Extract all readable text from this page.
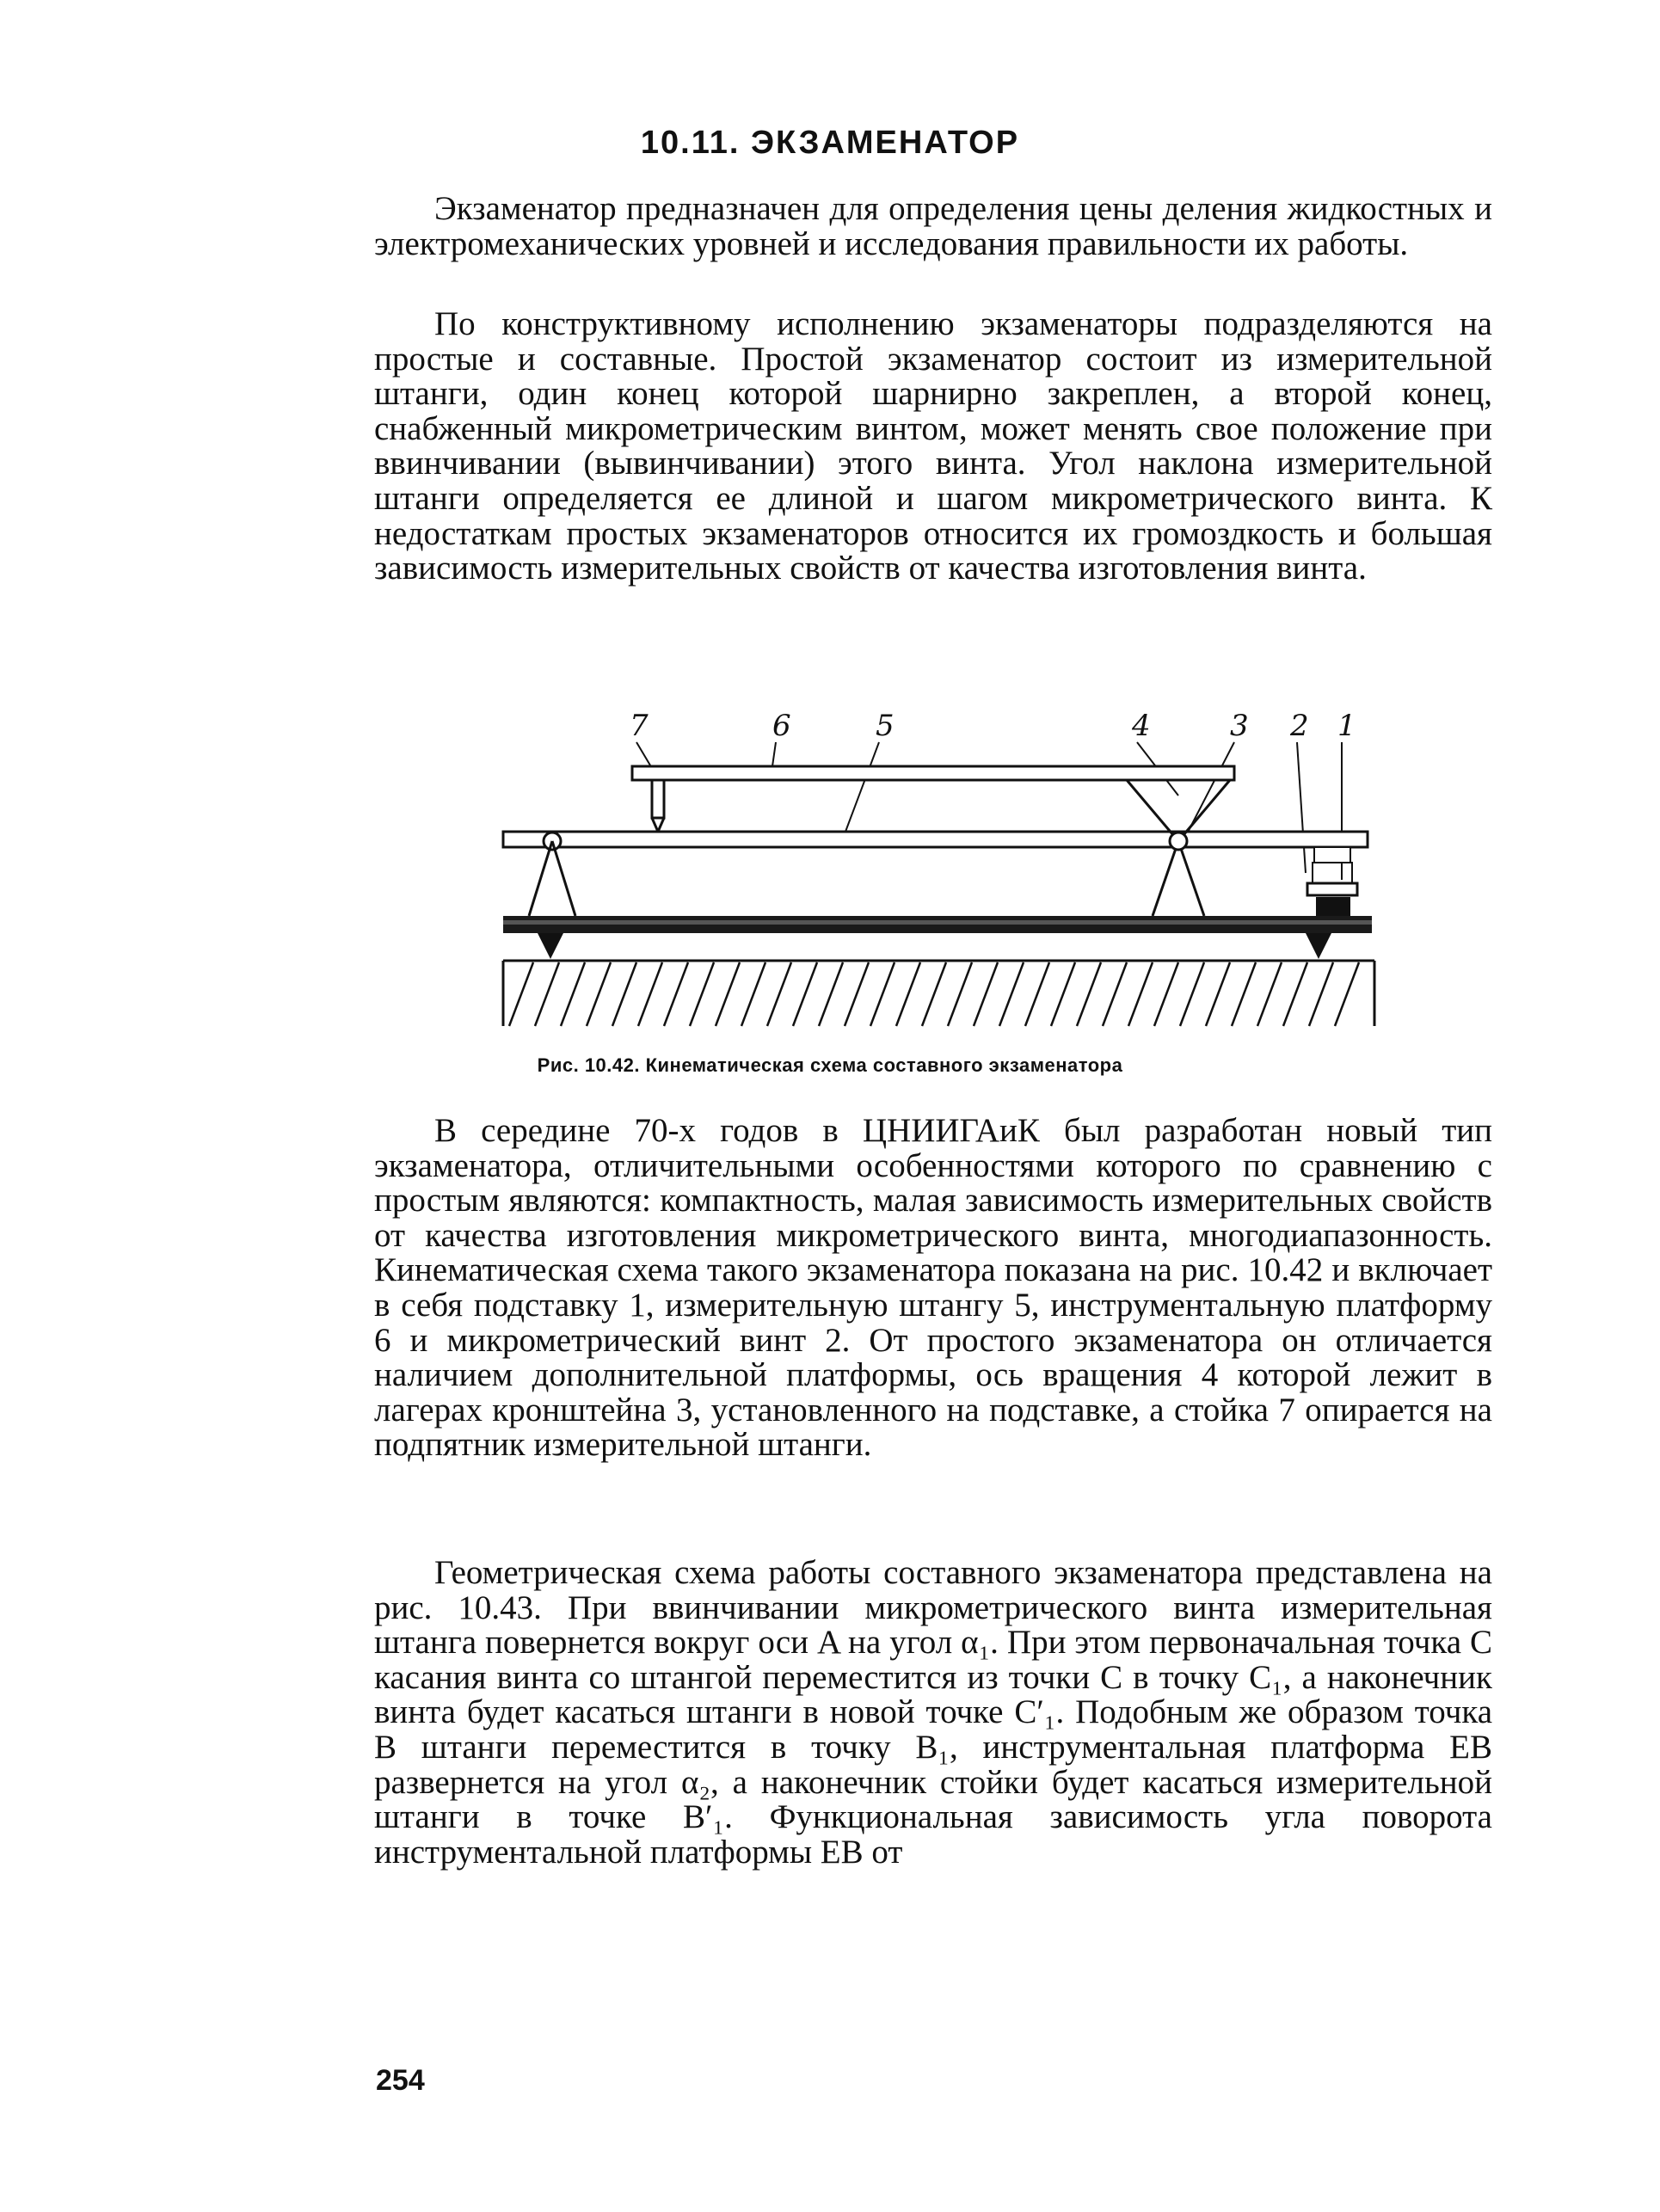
10.11. ЭКЗАМЕНАТОР

Экзаменатор предназначен для определения цены деления жидкостных и электромеханических уровней и исследования правильности их работы.

По конструктивному исполнению экзаменаторы подразделяются на простые и составные. Простой экзаменатор состоит из измерительной штанги, один конец которой шарнирно закреплен, а второй конец, снабженный микрометрическим винтом, может менять свое положение при ввинчивании (вывинчивании) этого винта. Угол наклона измерительной штанги определяется ее длиной и шагом микрометрического винта. К недостаткам простых экзаменаторов относится их громоздкость и большая зависимость измерительных свойств от качества изготовления винта.

7	6	5	4	3 2 1
Рис. 10.42. Кинематическая схема составного экзаменатора

В середине 70-х годов в ЦНИИГАиК был разработан новый тип экзаменатора, отличительными особенностями которого по сравнению с простым являются: компактность, малая зависимость измерительных свойств от качества изготовления микрометрического винта, многодиапазонность. Кинематическая схема такого экзаменатора показана на рис. 10.42 и включает в себя подставку 1, измерительную штангу 5, инструментальную платформу 6 и микрометрический винт 2. От простого экзаменатора он отличается наличием дополнительной платформы, ось вращения 4 которой лежит в лагерах кронштейна 3, установленного на подставке, а стойка 7 опирается на подпятник измерительной штанги.

Геометрическая схема работы составного экзаменатора представлена на рис. 10.43. При ввинчивании микрометрического винта измерительная штанга повернется вокруг оси A на угол α₁. При этом первоначальная точка C касания винта со штангой переместится из точки C в точку C₁, а наконечник винта будет касаться штанги в новой точке C′₁. Подобным же образом точка B штанги переместится в точку B₁, инструментальная платформа EB развернется на угол α₂, а наконечник стойки будет касаться измерительной штанги в точке B′₁. Функциональная зависимость угла поворота инструментальной платформы EB от

254
